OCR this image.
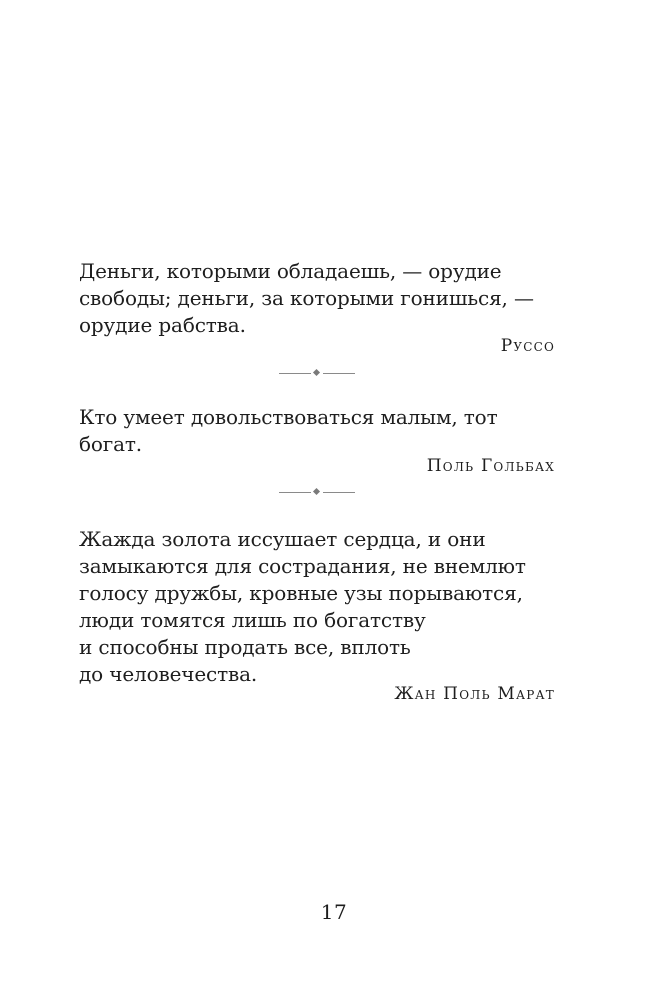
Деньги, которыми обладаешь, — орудие
свободы; деньги, за которыми гонишься, —
орудие рабства.
Руссо
Кто умеет довольствоваться малым, тот
богат.
Поль Гольбах
Жажда золота иссушает сердца, и они
замыкаются для сострадания, не внемлют
голосу дружбы, кровные узы порываются,
люди томятся лишь по богатству
и способны продать все, вплоть
до человечества.
Жан Поль Марат
17
